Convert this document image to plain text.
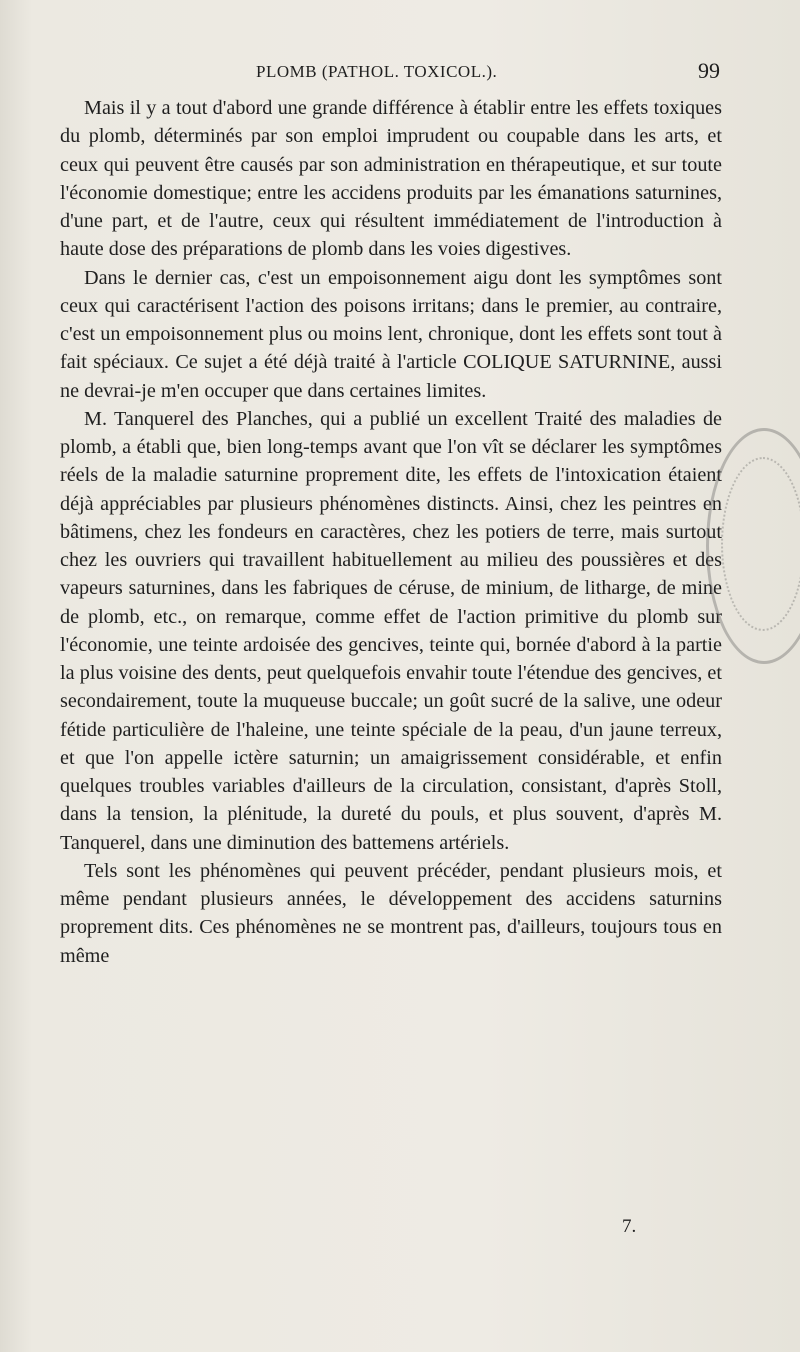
PLOMB (PATHOL. TOXICOL.).	99

Mais il y a tout d'abord une grande différence à établir entre les effets toxiques du plomb, déterminés par son emploi imprudent ou coupable dans les arts, et ceux qui peuvent être causés par son administration en thérapeutique, et sur toute l'économie domestique; entre les accidens produits par les émanations saturnines, d'une part, et de l'autre, ceux qui résultent immédiatement de l'introduction à haute dose des préparations de plomb dans les voies digestives.

Dans le dernier cas, c'est un empoisonnement aigu dont les symptômes sont ceux qui caractérisent l'action des poisons irritans; dans le premier, au contraire, c'est un empoisonnement plus ou moins lent, chronique, dont les effets sont tout à fait spéciaux. Ce sujet a été déjà traité à l'article COLIQUE SATURNINE, aussi ne devrai-je m'en occuper que dans certaines limites.

M. Tanquerel des Planches, qui a publié un excellent Traité des maladies de plomb, a établi que, bien long-temps avant que l'on vît se déclarer les symptômes réels de la maladie saturnine proprement dite, les effets de l'intoxication étaient déjà appréciables par plusieurs phénomènes distincts. Ainsi, chez les peintres en bâtimens, chez les fondeurs en caractères, chez les potiers de terre, mais surtout chez les ouvriers qui travaillent habituellement au milieu des poussières et des vapeurs saturnines, dans les fabriques de céruse, de minium, de litharge, de mine de plomb, etc., on remarque, comme effet de l'action primitive du plomb sur l'économie, une teinte ardoisée des gencives, teinte qui, bornée d'abord à la partie la plus voisine des dents, peut quelquefois envahir toute l'étendue des gencives, et secondairement, toute la muqueuse buccale; un goût sucré de la salive, une odeur fétide particulière de l'haleine, une teinte spéciale de la peau, d'un jaune terreux, et que l'on appelle ictère saturnin; un amaigrissement considérable, et enfin quelques troubles variables d'ailleurs de la circulation, consistant, d'après Stoll, dans la tension, la plénitude, la dureté du pouls, et plus souvent, d'après M. Tanquerel, dans une diminution des battemens artériels.

Tels sont les phénomènes qui peuvent précéder, pendant plusieurs mois, et même pendant plusieurs années, le développement des accidens saturnins proprement dits. Ces phénomènes ne se montrent pas, d'ailleurs, toujours tous en même

7.
